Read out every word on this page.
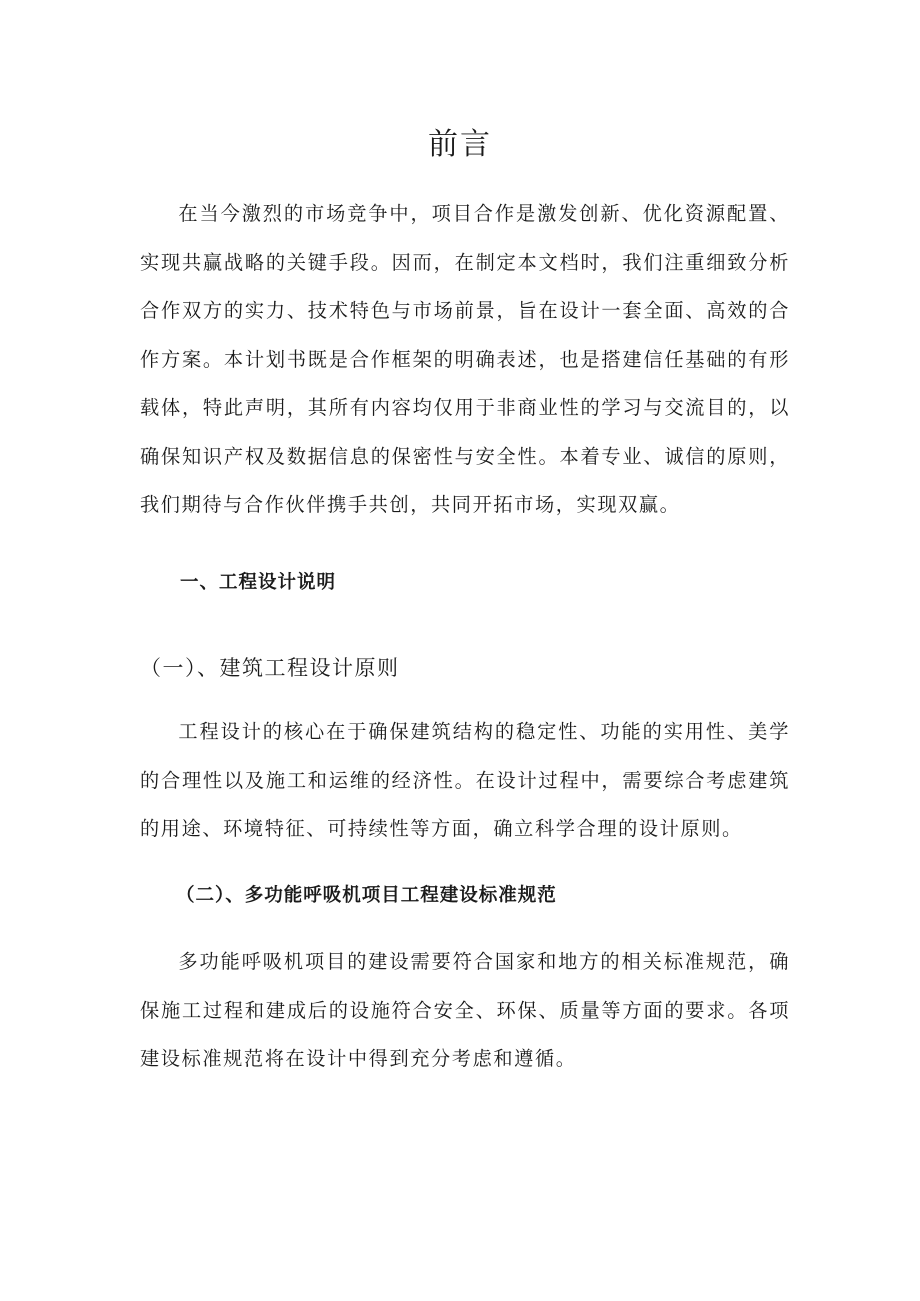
前言

在当今激烈的市场竞争中，项目合作是激发创新、优化资源配置、实现共赢战略的关键手段。因而，在制定本文档时，我们注重细致分析合作双方的实力、技术特色与市场前景，旨在设计一套全面、高效的合作方案。本计划书既是合作框架的明确表述，也是搭建信任基础的有形载体，特此声明，其所有内容均仅用于非商业性的学习与交流目的，以确保知识产权及数据信息的保密性与安全性。本着专业、诚信的原则，我们期待与合作伙伴携手共创，共同开拓市场，实现双赢。

一、工程设计说明
（一）、建筑工程设计原则

工程设计的核心在于确保建筑结构的稳定性、功能的实用性、美学的合理性以及施工和运维的经济性。在设计过程中，需要综合考虑建筑的用途、环境特征、可持续性等方面，确立科学合理的设计原则。

（二）、多功能呼吸机项目工程建设标准规范

多功能呼吸机项目的建设需要符合国家和地方的相关标准规范，确保施工过程和建成后的设施符合安全、环保、质量等方面的要求。各项建设标准规范将在设计中得到充分考虑和遵循。
